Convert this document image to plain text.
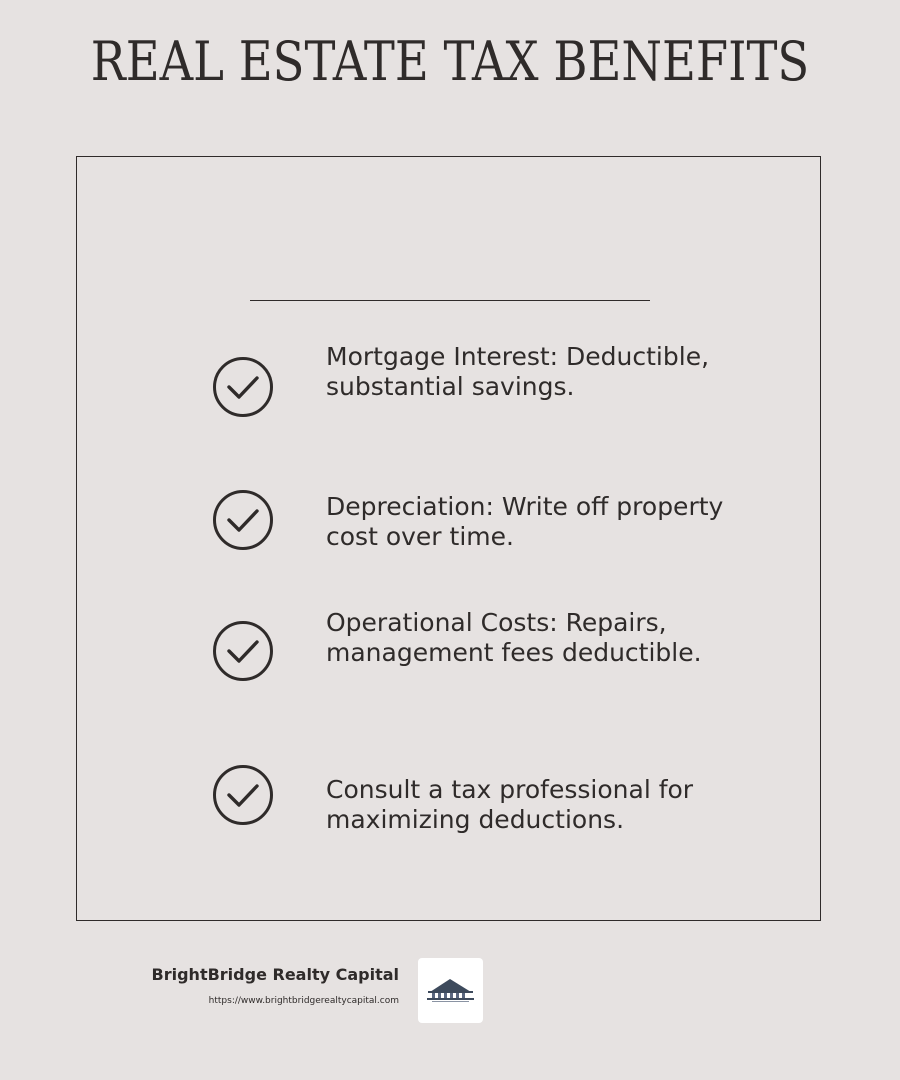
REAL ESTATE TAX BENEFITS
Mortgage Interest: Deductible, substantial savings.
Depreciation: Write off property cost over time.
Operational Costs: Repairs, management fees deductible.
Consult a tax professional for maximizing deductions.
BrightBridge Realty Capital
https://www.brightbridgerealtycapital.com
